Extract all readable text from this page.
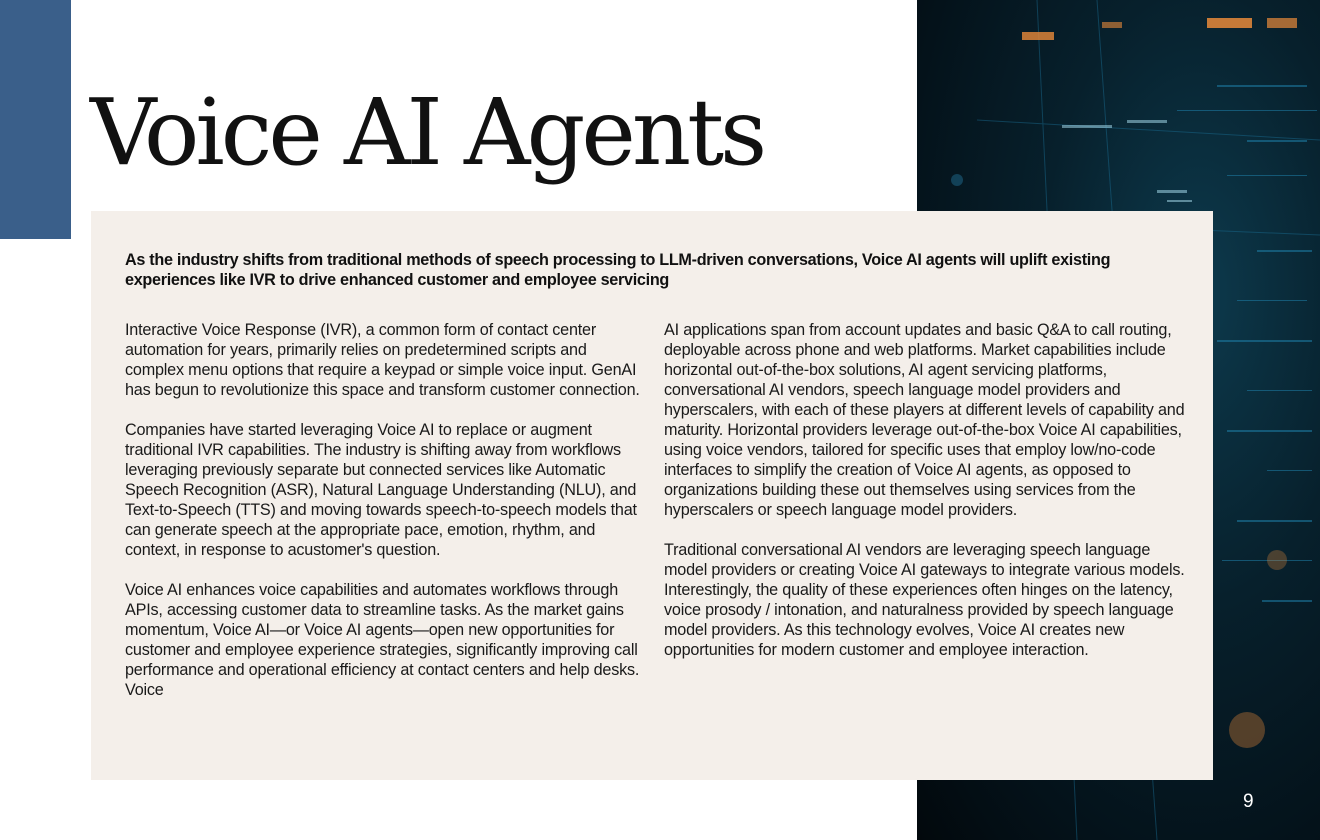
Voice AI Agents

As the industry shifts from traditional methods of speech processing to LLM-driven conversations, Voice AI agents will uplift existing experiences like IVR to drive enhanced customer and employee servicing

Interactive Voice Response (IVR), a common form of contact center automation for years, primarily relies on predetermined scripts and complex menu options that require a keypad or simple voice input. GenAI has begun to revolutionize this space and transform customer connection.

Companies have started leveraging Voice AI to replace or augment traditional IVR capabilities. The industry is shifting away from workflows leveraging previously separate but connected services like Automatic Speech Recognition (ASR), Natural Language Understanding (NLU), and Text-to-Speech (TTS) and moving towards speech-to-speech models that can generate speech at the appropriate pace, emotion, rhythm, and context, in response to acustomer's question.

Voice AI enhances voice capabilities and automates workflows through APIs, accessing customer data to streamline tasks. As the market gains momentum, Voice AI—or Voice AI agents—open new opportunities for customer and employee experience strategies, significantly improving call performance and operational efficiency at contact centers and help desks. Voice

AI applications span from account updates and basic Q&A to call routing, deployable across phone and web platforms. Market capabilities include horizontal out-of-the-box solutions, AI agent servicing platforms, conversational AI vendors, speech language model providers and hyperscalers, with each of these players at different levels of capability and maturity. Horizontal providers leverage out-of-the-box Voice AI capabilities, using voice vendors, tailored for specific uses that employ low/no-code interfaces to simplify the creation of Voice AI agents, as opposed to organizations building these out themselves using services from the hyperscalers or speech language model providers.

Traditional conversational AI vendors are leveraging speech language model providers or creating Voice AI gateways to integrate various models. Interestingly, the quality of these experiences often hinges on the latency, voice prosody / intonation, and naturalness provided by speech language model providers. As this technology evolves, Voice AI creates new opportunities for modern customer and employee interaction.

9
